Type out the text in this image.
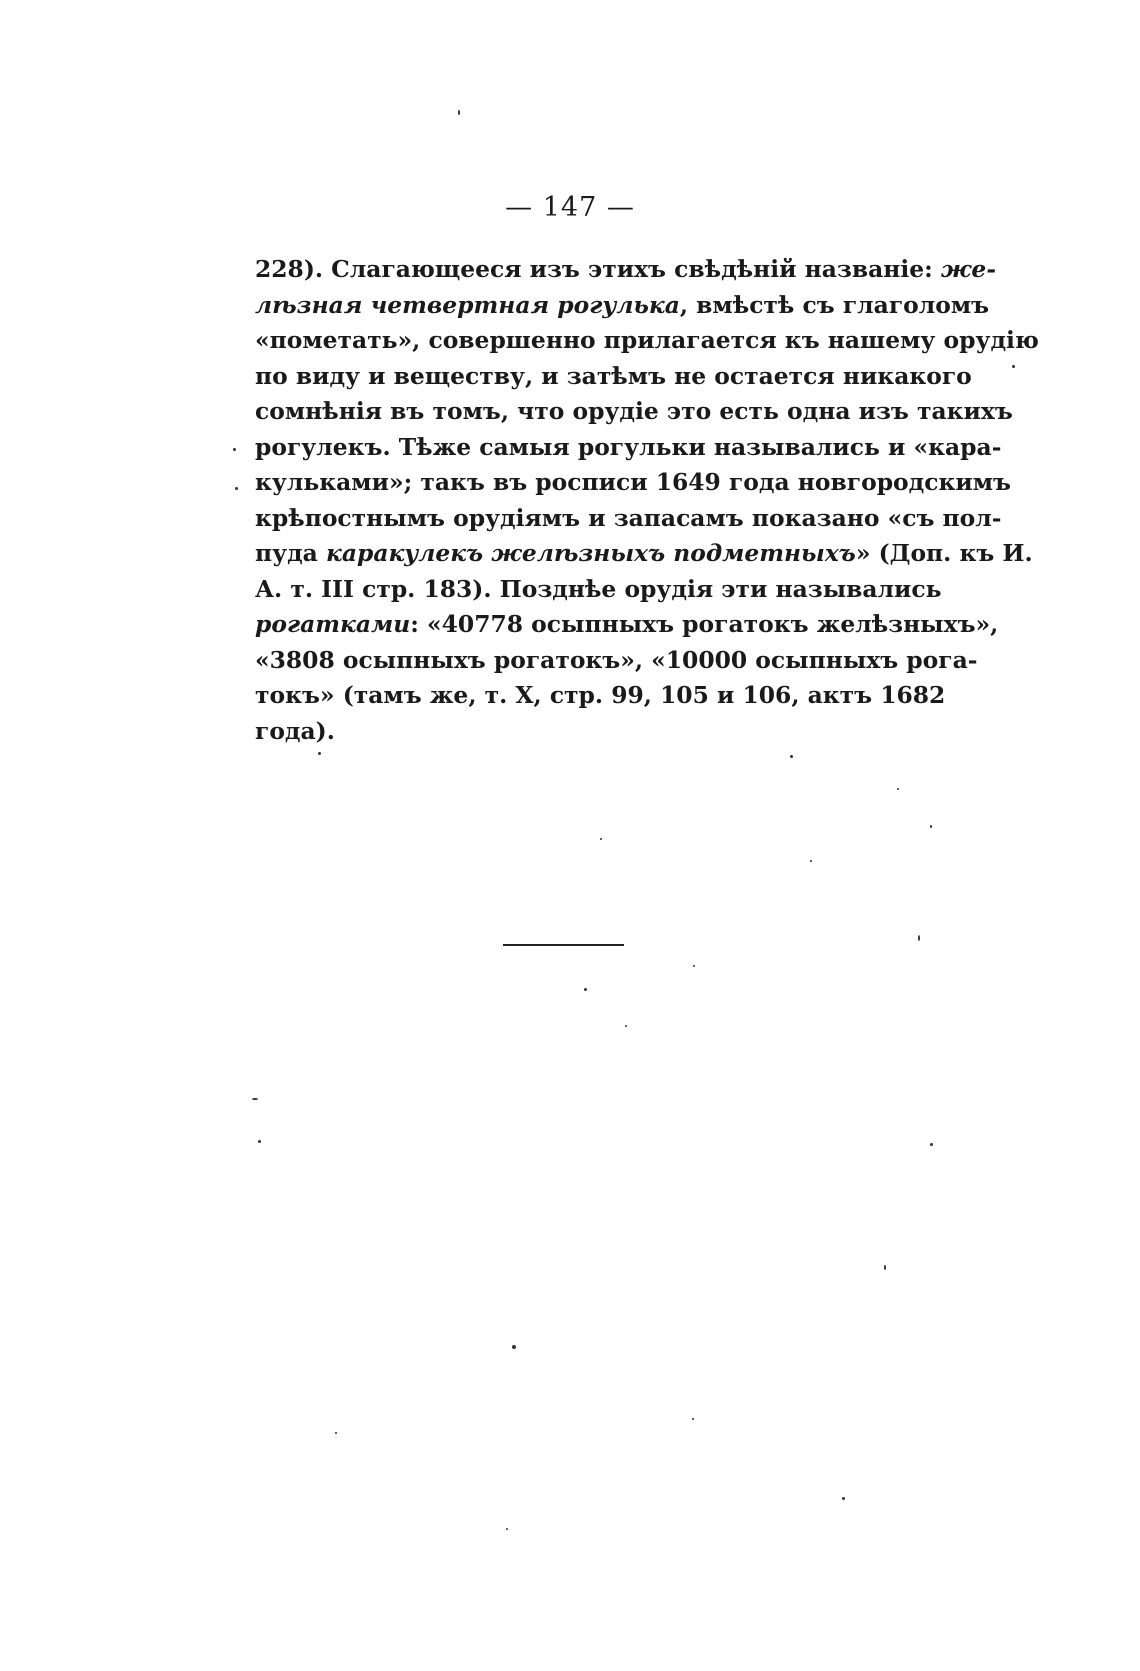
— 147 —
228). Слагающееся изъ этихъ свѣдѣній названіе: же-
лѣзная четвертная рогулька, вмѣстѣ съ глаголомъ
«пометать», совершенно прилагается къ нашему орудію
по виду и веществу, и затѣмъ не остается никакого
сомнѣнія въ томъ, что орудіе это есть одна изъ такихъ
рогулекъ. Тѣже самыя рогульки назывались и «кара-
кульками»; такъ въ росписи 1649 года новгородскимъ
крѣпостнымъ орудіямъ и запасамъ показано «съ пол-
пуда каракулекъ желѣзныхъ подметныхъ» (Доп. къ И.
А. т. III стр. 183). Позднѣе орудія эти назывались
рогатками: «40778 осыпныхъ рогатокъ желѣзныхъ»,
«3808 осыпныхъ рогатокъ», «10000 осыпныхъ рога-
токъ» (тамъ же, т. X, стр. 99, 105 и 106, актъ 1682
года).
